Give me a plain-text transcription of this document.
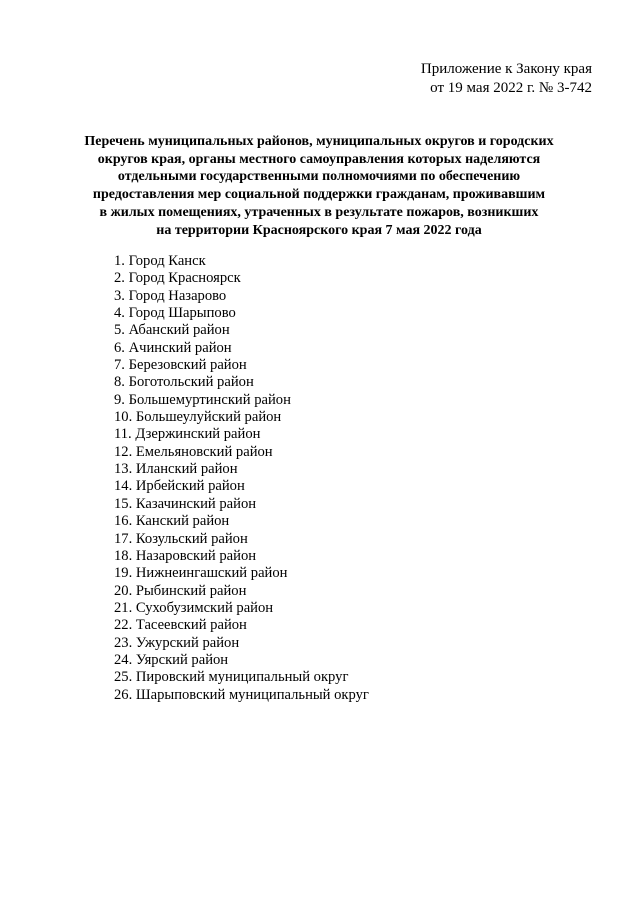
Приложение к Закону края
от 19 мая 2022 г. № 3-742
Перечень муниципальных районов, муниципальных округов и городских
округов края, органы местного самоуправления которых наделяются
отдельными государственными полномочиями по обеспечению
предоставления мер социальной поддержки гражданам, проживавшим
в жилых помещениях, утраченных в результате пожаров, возникших
на территории Красноярского края 7 мая 2022 года
1. Город Канск
2. Город Красноярск
3. Город Назарово
4. Город Шарыпово
5. Абанский район
6. Ачинский район
7. Березовский район
8. Боготольский район
9. Большемуртинский район
10. Большеулуйский район
11. Дзержинский район
12. Емельяновский район
13. Иланский район
14. Ирбейский район
15. Казачинский район
16. Канский район
17. Козульский район
18. Назаровский район
19. Нижнеингашский район
20. Рыбинский район
21. Сухобузимский район
22. Тасеевский район
23. Ужурский район
24. Уярский район
25. Пировский муниципальный округ
26. Шарыповский муниципальный округ
